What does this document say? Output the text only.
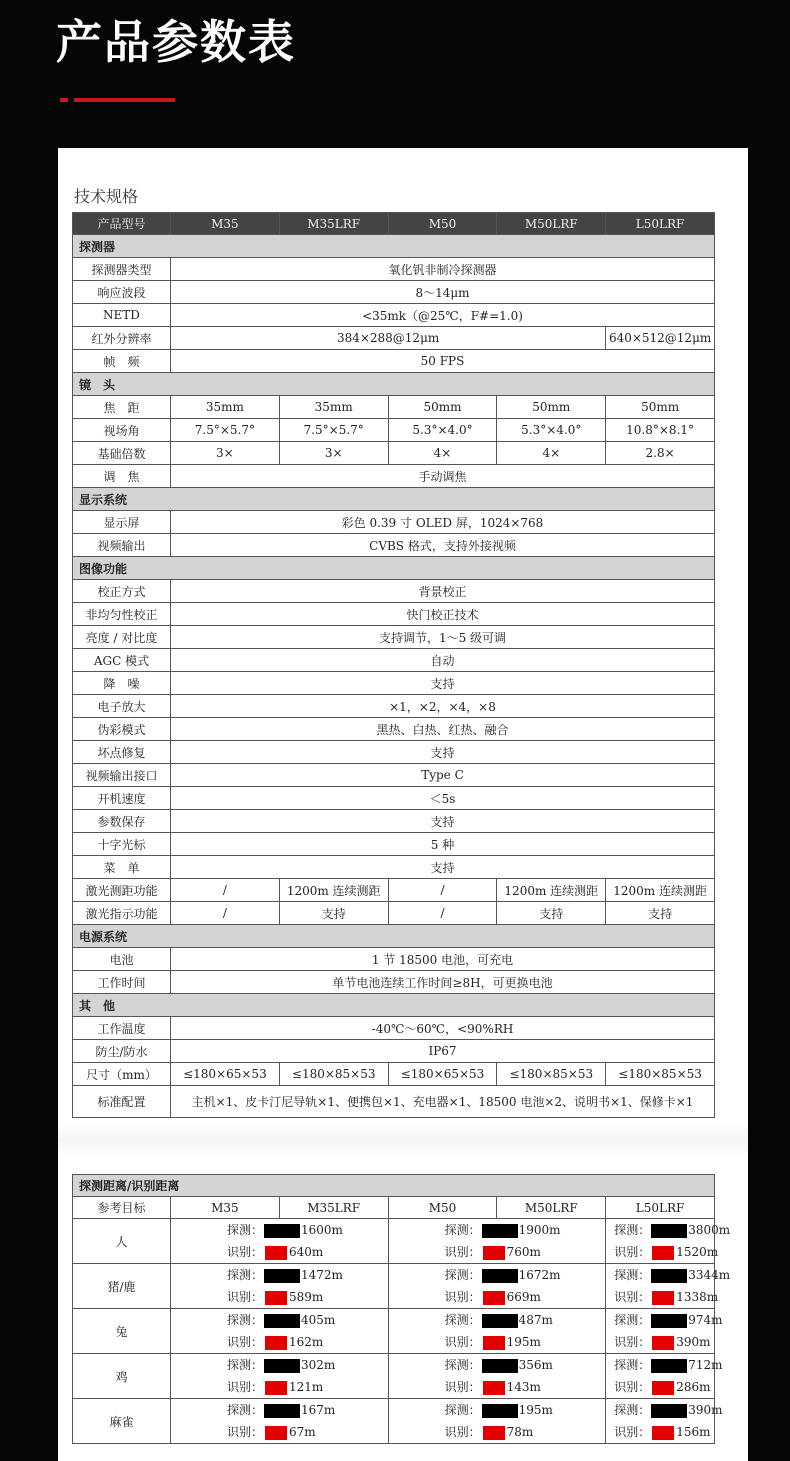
产品参数表
技术规格
产品型号	M35	M35LRF	M50	M50LRF	L50LRF
探测器					
探测器类型	氧化钒非制冷探测器				
响应波段	8～14μm				
NETD	<35mk（@25℃，F#=1.0)				
红外分辨率	384×288@12μm				640×512@12μm
帧　频	50 FPS				
镜　头					
焦　距	35mm	35mm	50mm	50mm	50mm
视场角	7.5°×5.7°	7.5°×5.7°	5.3°×4.0°	5.3°×4.0°	10.8°×8.1°
基础倍数	3×	3×	4×	4×	2.8×
调　焦	手动调焦				
显示系统					
显示屏	彩色 0.39 寸 OLED 屏，1024×768				
视频输出	CVBS 格式，支持外接视频				
图像功能					
校正方式	背景校正				
非均匀性校正	快门校正技术				
亮度 / 对比度	支持调节，1～5 级可调				
AGC 模式	自动				
降　噪	支持				
电子放大	×1，×2，×4，×8				
伪彩模式	黑热、白热、红热、融合				
坏点修复	支持				
视频输出接口	Type C				
开机速度	＜5s				
参数保存	支持				
十字光标	5 种				
菜　单	支持				
激光测距功能	/	1200m 连续测距	/	1200m 连续测距	1200m 连续测距
激光指示功能	/	支持	/	支持	支持
电源系统					
电池	1 节 18500 电池，可充电				
工作时间	单节电池连续工作时间≥8H，可更换电池				
其　他					
工作温度	-40℃～60℃，<90%RH				
防尘/防水	IP67				
尺寸（mm）	≤180×65×53	≤180×85×53	≤180×65×53	≤180×85×53	≤180×85×53
标准配置	主机×1、皮卡汀尼导轨×1、便携包×1、充电器×1、18500 电池×2、说明书×1、保修卡×1				
探测距离/识别距离					
参考目标	M35	M35LRF	M50	M50LRF	L50LRF
人	探测： 1600m		探测： 1900m		探测： 3800m
	识别： 640m		识别： 760m		识别： 1520m
猪/鹿	探测： 1472m		探测： 1672m		探测： 3344m
	识别： 589m		识别： 669m		识别： 1338m
兔	探测： 405m		探测： 487m		探测： 974m
	识别： 162m		识别： 195m		识别： 390m
鸡	探测： 302m		探测： 356m		探测： 712m
	识别： 121m		识别： 143m		识别： 286m
麻雀	探测： 167m		探测： 195m		探测： 390m
	识别： 67m		识别： 78m		识别： 156m
